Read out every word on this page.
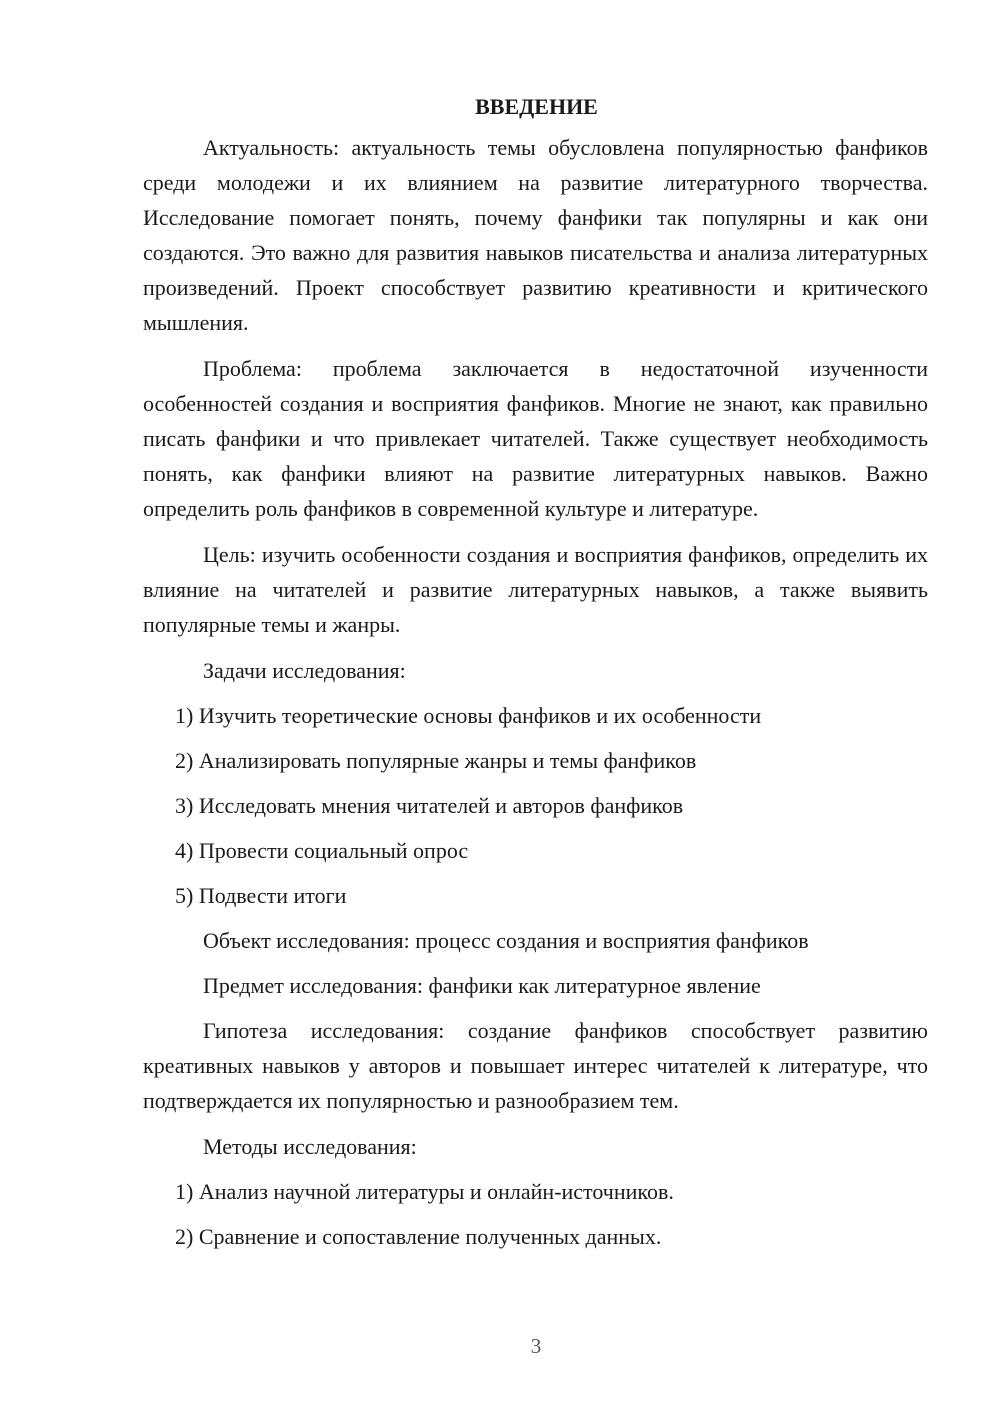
ВВЕДЕНИЕ

Актуальность: актуальность темы обусловлена популярностью фанфиков среди молодежи и их влиянием на развитие литературного творчества. Исследование помогает понять, почему фанфики так популярны и как они создаются. Это важно для развития навыков писательства и анализа литературных произведений. Проект способствует развитию креативности и критического мышления.

Проблема: проблема заключается в недостаточной изученности особенностей создания и восприятия фанфиков. Многие не знают, как правильно писать фанфики и что привлекает читателей. Также существует необходимость понять, как фанфики влияют на развитие литературных навыков. Важно определить роль фанфиков в современной культуре и литературе.

Цель: изучить особенности создания и восприятия фанфиков, определить их влияние на читателей и развитие литературных навыков, а также выявить популярные темы и жанры.

Задачи исследования:
1) Изучить теоретические основы фанфиков и их особенности
2) Анализировать популярные жанры и темы фанфиков
3) Исследовать мнения читателей и авторов фанфиков
4) Провести социальный опрос
5) Подвести итоги
Объект исследования: процесс создания и восприятия фанфиков
Предмет исследования: фанфики как литературное явление

Гипотеза исследования: создание фанфиков способствует развитию креативных навыков у авторов и повышает интерес читателей к литературе, что подтверждается их популярностью и разнообразием тем.

Методы исследования:
1) Анализ научной литературы и онлайн-источников.
2) Сравнение и сопоставление полученных данных.
3
